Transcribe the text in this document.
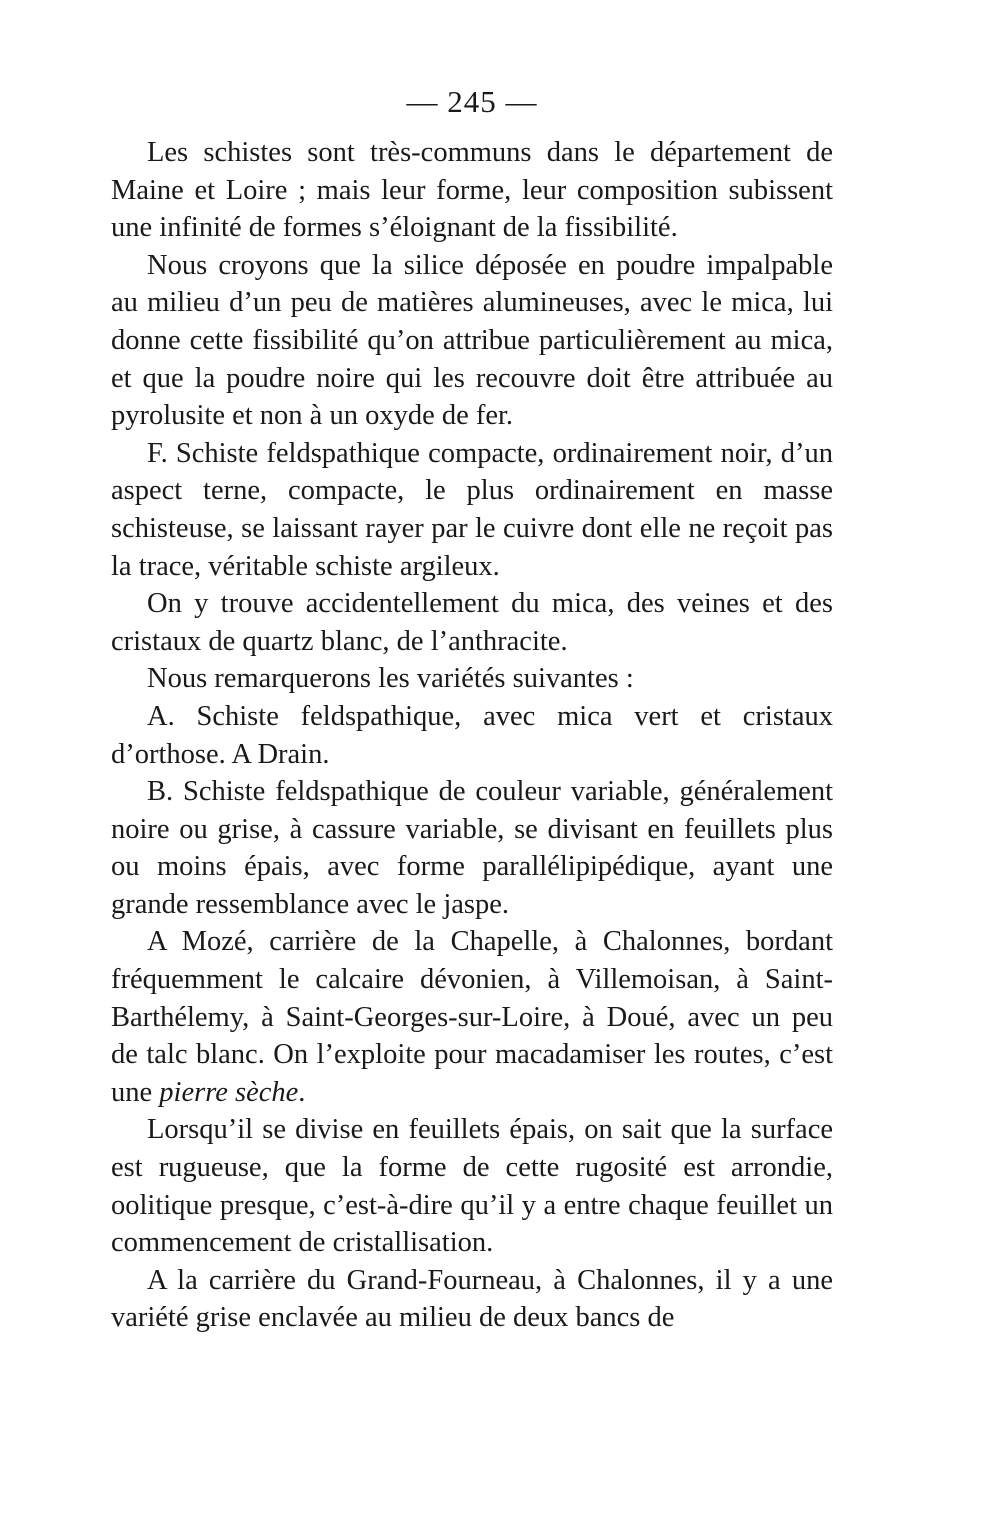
— 245 —

Les schistes sont très-communs dans le département de Maine et Loire ; mais leur forme, leur composition subissent une infinité de formes s’éloignant de la fissibilité.

Nous croyons que la silice déposée en poudre impalpable au milieu d’un peu de matières alumineuses, avec le mica, lui donne cette fissibilité qu’on attribue particulièrement au mica, et que la poudre noire qui les recouvre doit être attribuée au pyrolusite et non à un oxyde de fer.

F. Schiste feldspathique compacte, ordinairement noir, d’un aspect terne, compacte, le plus ordinairement en masse schisteuse, se laissant rayer par le cuivre dont elle ne reçoit pas la trace, véritable schiste argileux.

On y trouve accidentellement du mica, des veines et des cristaux de quartz blanc, de l’anthracite.

Nous remarquerons les variétés suivantes :

A. Schiste feldspathique, avec mica vert et cristaux d’orthose. A Drain.

B. Schiste feldspathique de couleur variable, généralement noire ou grise, à cassure variable, se divisant en feuillets plus ou moins épais, avec forme parallélipipédique, ayant une grande ressemblance avec le jaspe.

A Mozé, carrière de la Chapelle, à Chalonnes, bordant fréquemment le calcaire dévonien, à Villemoisan, à Saint-Barthélemy, à Saint-Georges-sur-Loire, à Doué, avec un peu de talc blanc. On l’exploite pour macadamiser les routes, c’est une pierre sèche.

Lorsqu’il se divise en feuillets épais, on sait que la surface est rugueuse, que la forme de cette rugosité est arrondie, oolitique presque, c’est-à-dire qu’il y a entre chaque feuillet un commencement de cristallisation.

A la carrière du Grand-Fourneau, à Chalonnes, il y a une variété grise enclavée au milieu de deux bancs de
